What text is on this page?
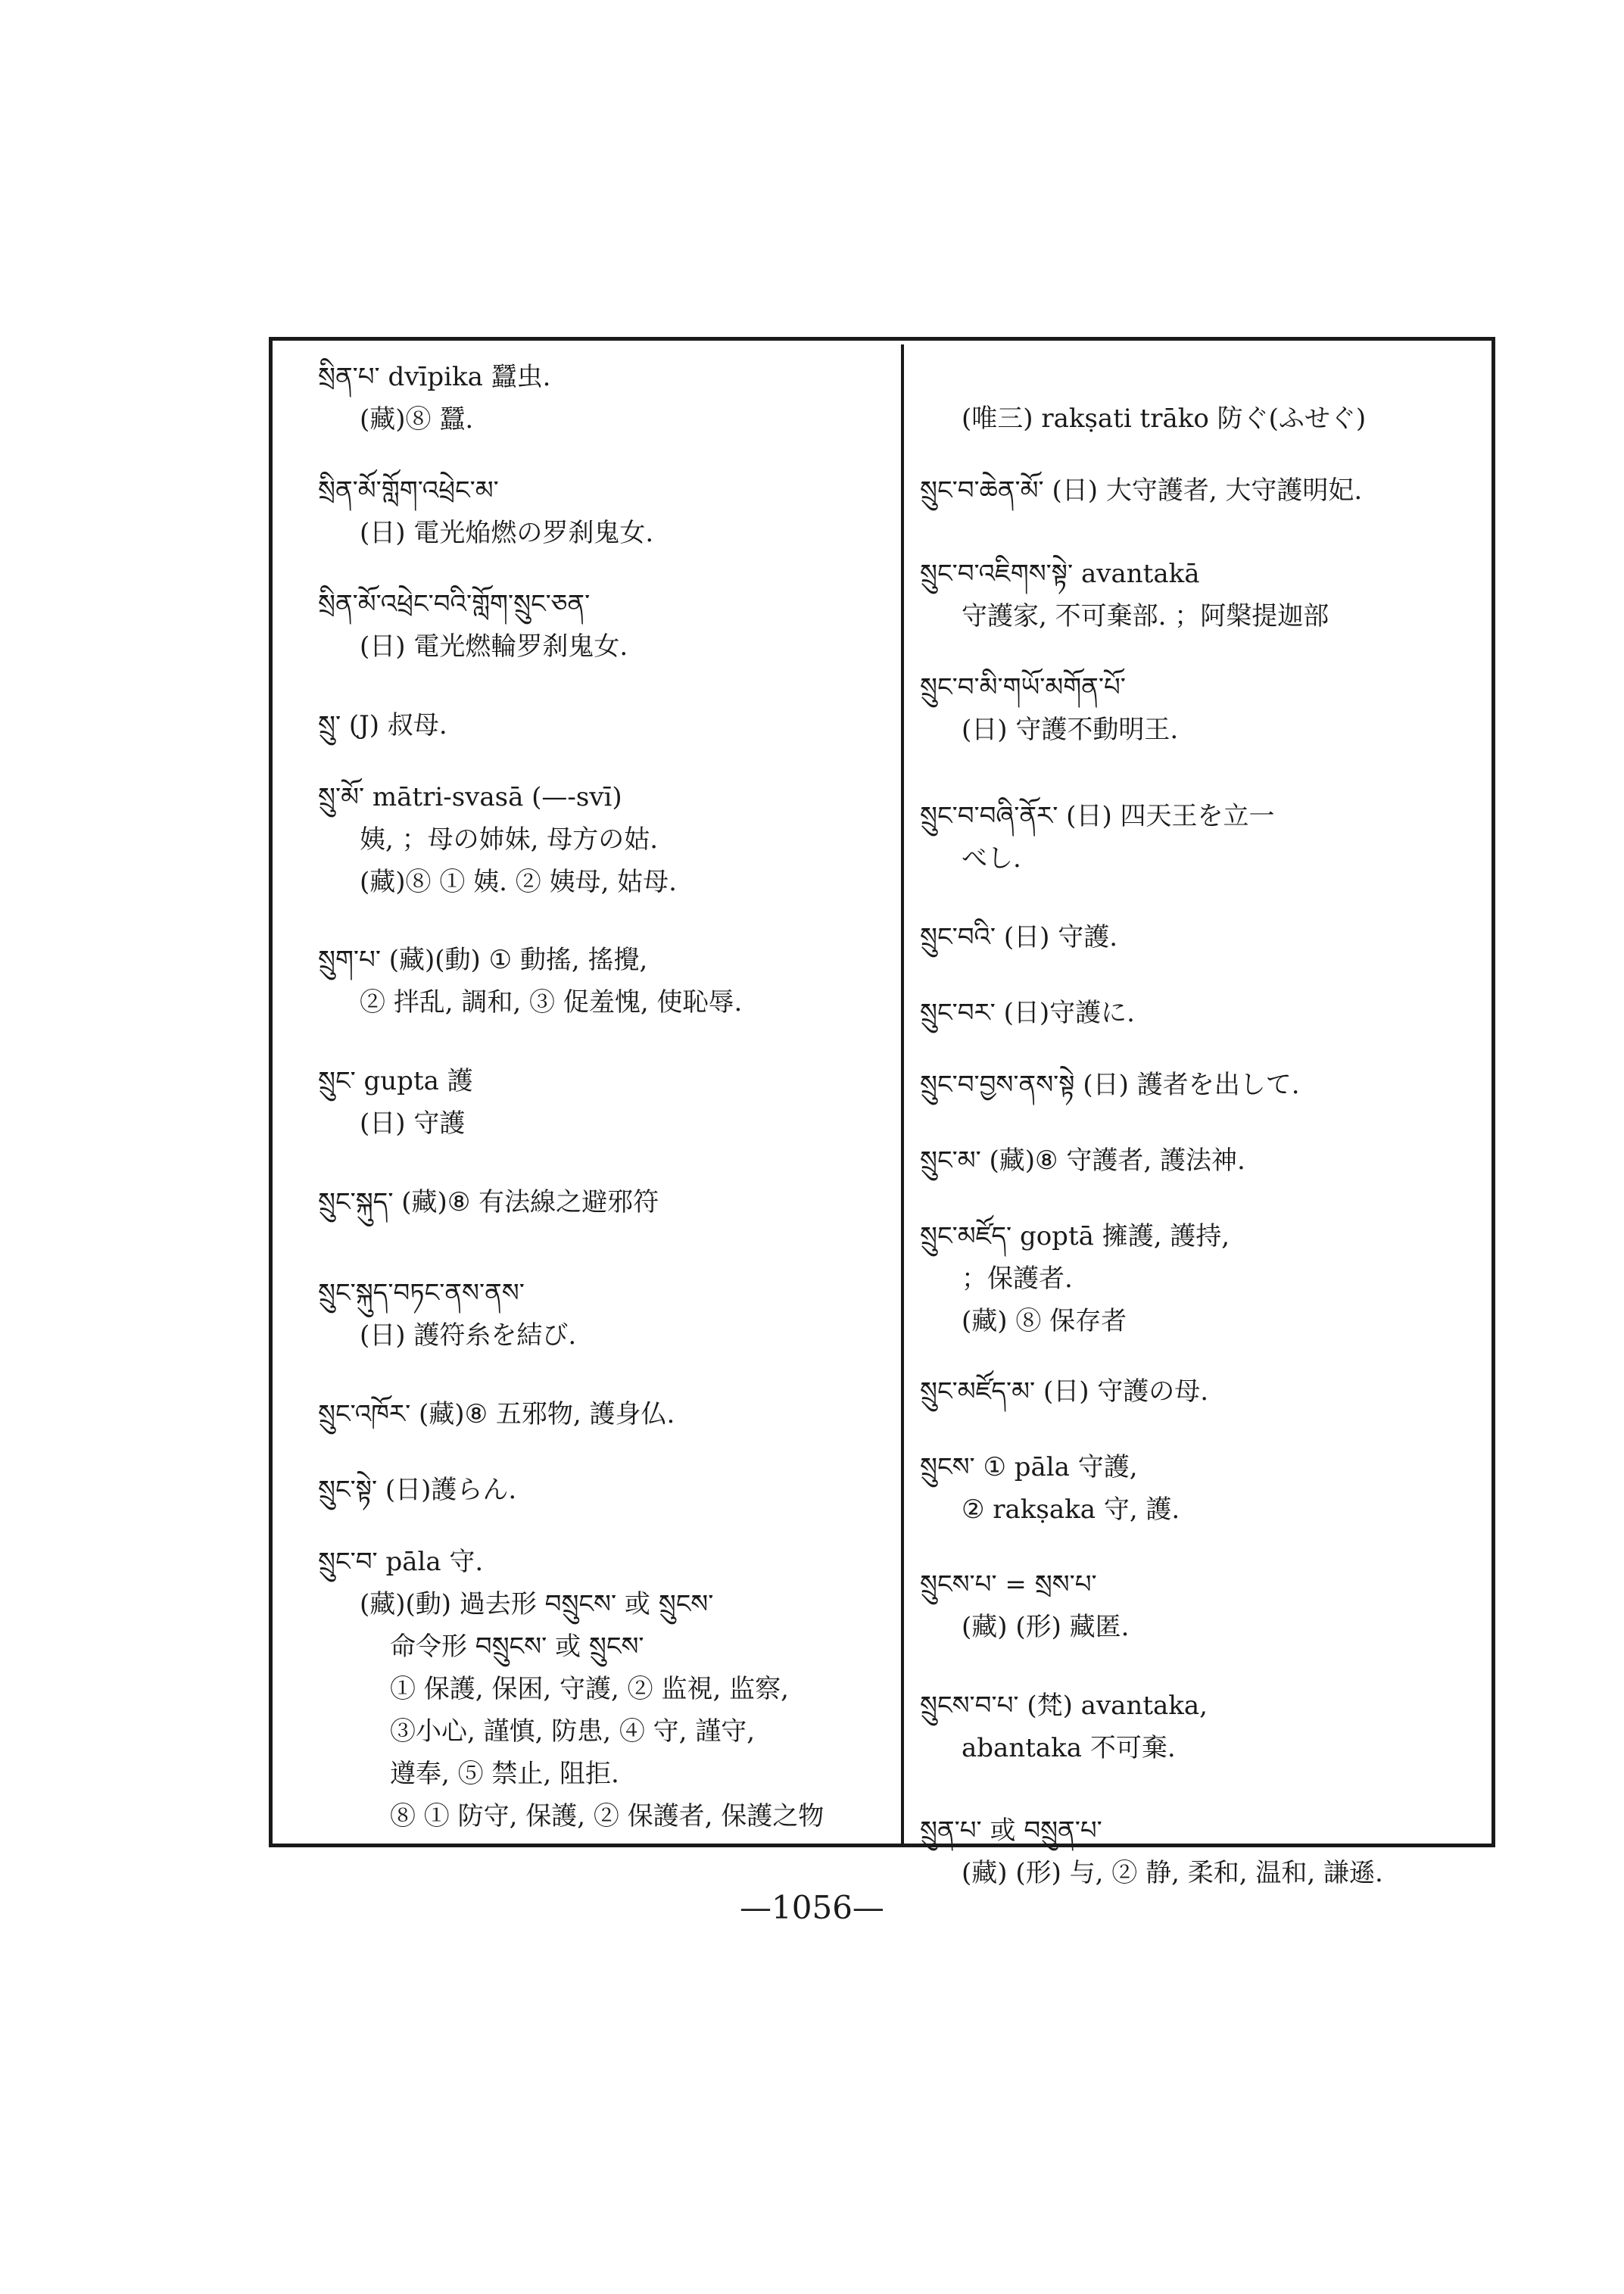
སྲིན་པ་ dvīpika 蠶虫.
(藏)⑧ 蠶.
སྲིན་མོ་གློག་འཕྲེང་མ་
(日) 電光焔燃の罗刹鬼女.
སྲིན་མོ་འཕྲེང་བའི་གློག་སྲུང་ཅན་
(日) 電光燃輪罗刹鬼女.
སྲུ་ (J) 叔母.
སྲུ་མོ་ mātri-svasā (—-svī)
姨, ；母の姉妹, 母方の姑.
(藏)⑧ ① 姨. ② 姨母, 姑母.
སྲུག་པ་ (藏)(動) ① 動搖, 搖攪,
② 拌乱, 調和, ③ 促羞愧, 使恥辱.
སྲུང་ gupta 護
(日) 守護
སྲུང་སྐུད་ (藏)⑧ 有法線之避邪符
སྲུང་སྐུད་བཏང་ནས་ནས་
(日) 護符糸を結び.
སྲུང་འཁོར་ (藏)⑧ 五邪物, 護身仏.
སྲུང་སྟེ་ (日)護らん.
སྲུང་བ་ pāla 守.
(藏)(動) 過去形 བསྲུངས་ 或 སྲུངས་
命令形 བསྲུངས་ 或 སྲུངས་
① 保護, 保困, 守護, ② 监視, 监察,
③小心, 謹慎, 防患, ④ 守, 謹守,
遵奉, ⑤ 禁止, 阻拒.
⑧ ① 防守, 保護, ② 保護者, 保護之物
(唯三) rakṣati trāko 防ぐ(ふせぐ)
སྲུང་བ་ཆེན་མོ་ (日) 大守護者, 大守護明妃.
སྲུང་བ་འཇིགས་སྟེ་ avantakā
守護家, 不可棄部. ；阿槃提迦部
སྲུང་བ་མི་གཡོ་མགོན་པོ་
(日) 守護不動明王.
སྲུང་བ་བཞི་ནོར་ (日) 四天王を立一
べし.
སྲུང་བའི་ (日) 守護.
སྲུང་བར་ (日)守護に.
སྲུང་བ་བྱས་ནས་སྟེ (日) 護者を出して.
སྲུང་མ་ (藏)⑧ 守護者, 護法神.
སྲུང་མཛོད་ goptā 擁護, 護持,
；保護者.
(藏) ⑧ 保存者
སྲུང་མཛོད་མ་ (日) 守護の母.
སྲུངས་ ① pāla 守護,
② rakṣaka 守, 護.
སྲུངས་པ་ = སྲས་པ་
(藏) (形) 藏匿.
སྲུངས་བ་པ་ (梵) avantaka,
abantaka 不可棄.
སྲུན་པ་ 或 བསྲུན་པ་
(藏) (形) 与, ② 静, 柔和, 温和, 謙遜.
—1056—
